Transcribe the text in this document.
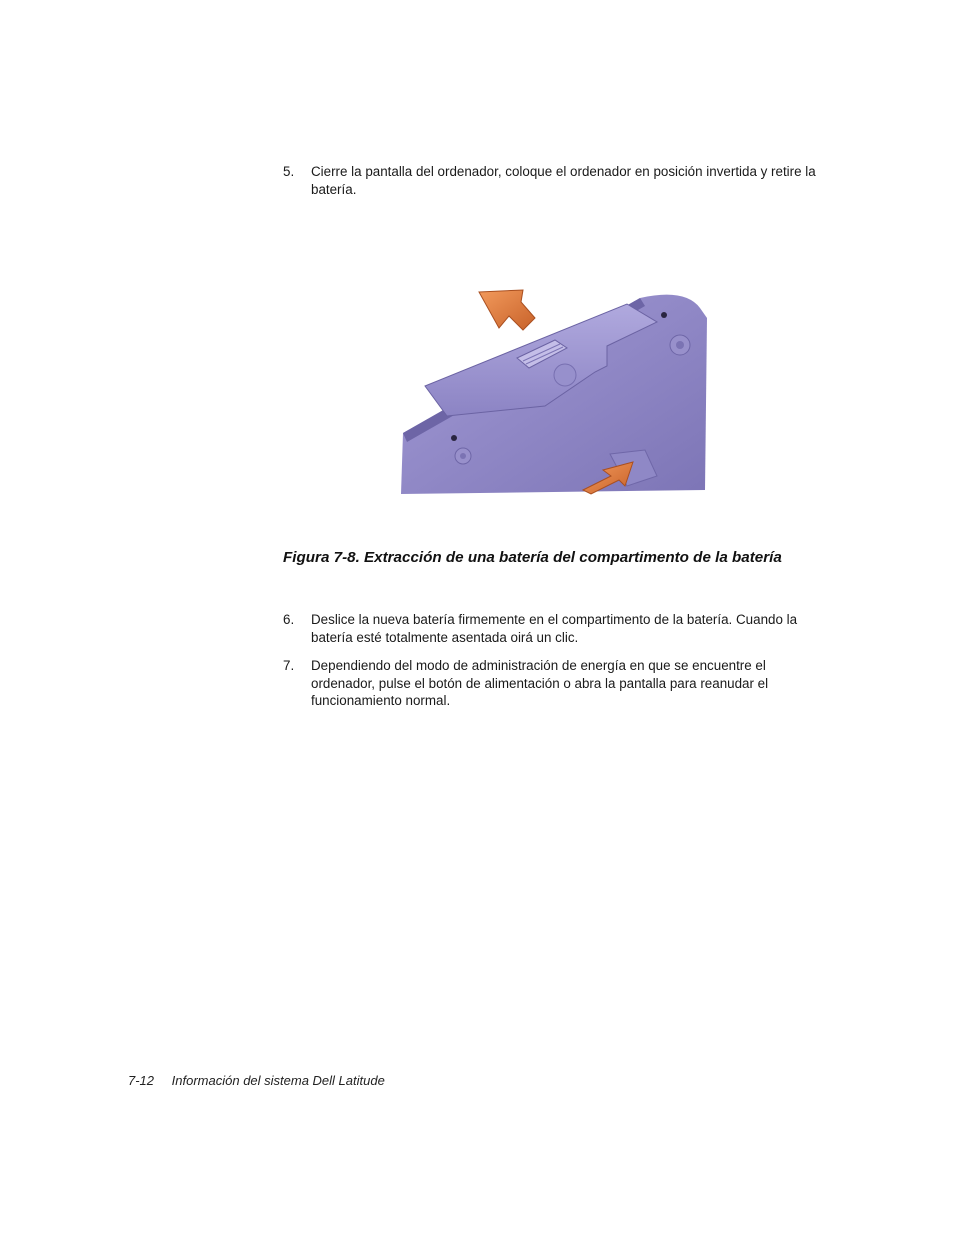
5. Cierre la pantalla del ordenador, coloque el ordenador en posición invertida y retire la batería.
Figura 7-8. Extracción de una batería del compartimento de la batería
6. Deslice la nueva batería firmemente en el compartimento de la batería. Cuando la batería esté totalmente asentada oirá un clic.
7. Dependiendo del modo de administración de energía en que se encuentre el ordenador, pulse el botón de alimentación o abra la pantalla para reanudar el funcionamiento normal.
7-12 Información del sistema Dell Latitude
